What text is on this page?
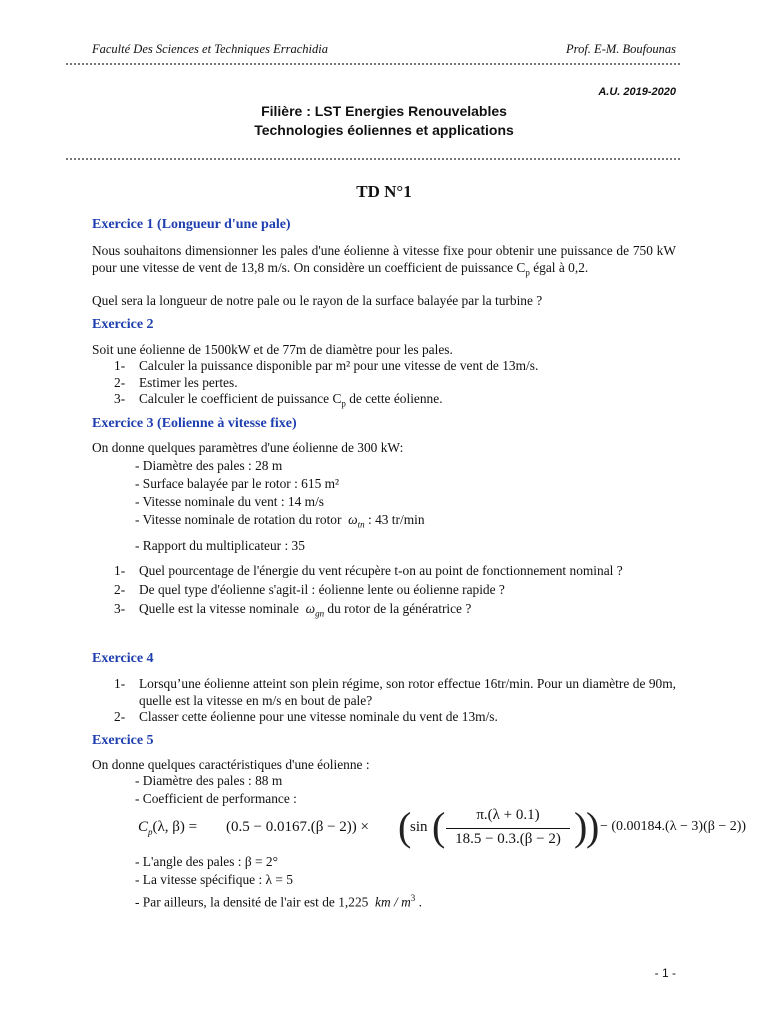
Faculté Des Sciences et Techniques Errachidia	Prof. E-M. Boufounas
A.U. 2019-2020
Filière : LST Energies Renouvelables
Technologies éoliennes et applications
TD N°1
Exercice 1 (Longueur d'une pale)
Nous souhaitons dimensionner les pales d'une éolienne à vitesse fixe pour obtenir une puissance de 750 kW pour une vitesse de vent de 13,8 m/s. On considère un coefficient de puissance $C_p$ égal à 0,2.
Quel sera la longueur de notre pale ou le rayon de la surface balayée par la turbine ?
Exercice 2
Soit une éolienne de 1500kW et de 77m de diamètre pour les pales.
1-	Calculer la puissance disponible par m² pour une vitesse de vent de 13m/s.
2-	Estimer les pertes.
3-	Calculer le coefficient de puissance $C_p$ de cette éolienne.
Exercice 3 (Eolienne à vitesse fixe)
On donne quelques paramètres d'une éolienne de 300 kW:
- Diamètre des pales : 28 m
- Surface balayée par le rotor : 615 m²
- Vitesse nominale du vent : 14 m/s
- Vitesse nominale de rotation du rotor $\omega_{tn}$ : 43 tr/min
- Rapport du multiplicateur : 35
1-	Quel pourcentage de l'énergie du vent récupère t-on au point de fonctionnement nominal ?
2-	De quel type d'éolienne s'agit-il : éolienne lente ou éolienne rapide ?
3-	Quelle est la vitesse nominale $\omega_{gn}$ du rotor de la génératrice ?
Exercice 4
1-	Lorsqu’une éolienne atteint son plein régime, son rotor effectue 16tr/min. Pour un diamètre de 90m, quelle est la vitesse en m/s en bout de pale?
2-	Classer cette éolienne pour une vitesse nominale du vent de 13m/s.
Exercice 5
On donne quelques caractéristiques d'une éolienne :
- Diamètre des pales : 88 m
- Coefficient de performance :
$C_p(\lambda$, β) = (0.5 − 0.0167.(β − 2)) × (
sin (	π.(λ + 0.1)
18.5 − 0.3.(β − 2) )
) − (0.00184.(λ − 3)(β − 2))
- L'angle des pales : β = 2°
- La vitesse spécifique : λ = 5
- Par ailleurs, la densité de l'air est de 1,225 km / $m^3$ .
- 1 -
